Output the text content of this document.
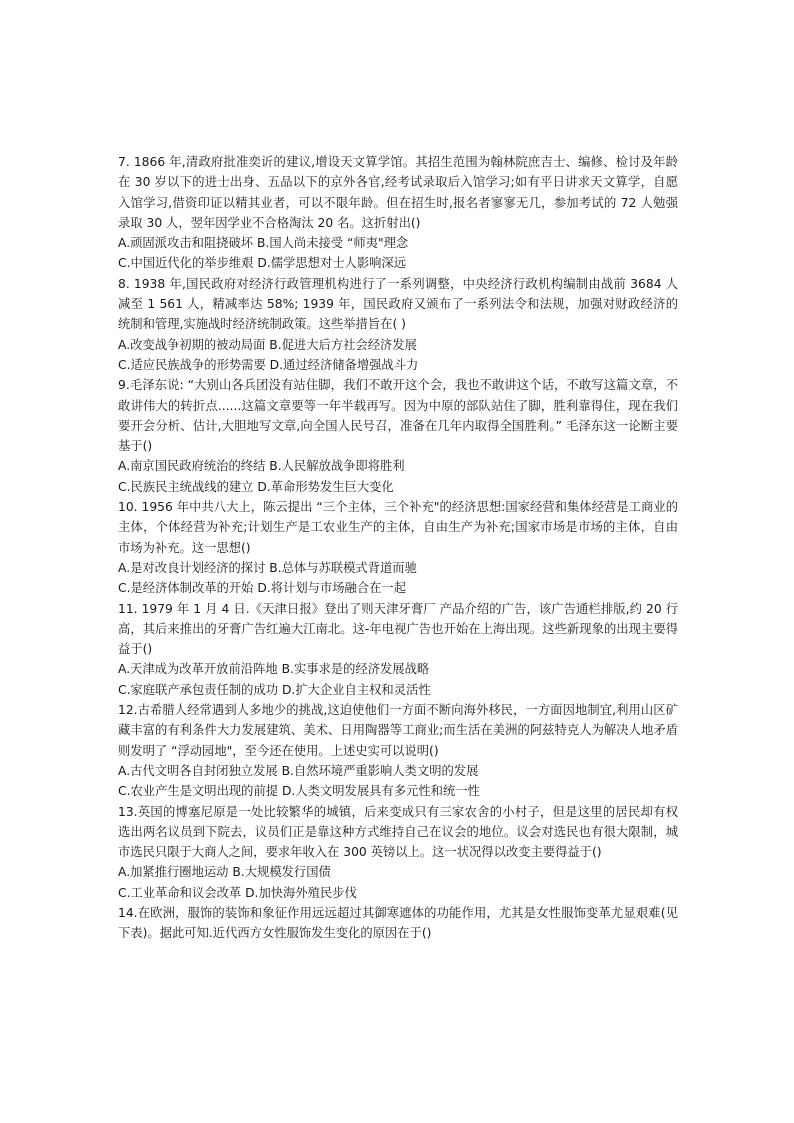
7. 1866 年,清政府批准奕䜣的建议,增设天文算学馆。其招生范围为翰林院庶吉士、编修、检讨及年龄在 30 岁以下的进士出身、五品以下的京外各官,经考试录取后入馆学习;如有平日讲求天文算学，自愿入馆学习,借资印证以精其业者，可以不限年龄。但在招生时,报名者寥寥无几，参加考试的 72 人勉强录取 30 人，翌年因学业不合格淘汰 20 名。这折射出()

A.顽固派攻击和阻挠破坏 B.国人尚未接受 “师夷"理念

C.中国近代化的举步维艰 D.儒学思想对士人影响深远

8. 1938 年,国民政府对经济行政管理机构进行了一系列调整，中央经济行政机构编制由战前 3684 人减至 1 561 人，精减率达 58%; 1939 年，国民政府又颁布了一系列法令和法规，加强对财政经济的统制和管理,实施战时经济统制政策。这些举措旨在( )

A.改变战争初期的被动局面 B.促进大后方社会经济发展

C.适应民族战争的形势需要 D.通过经济储备增强战斗力

9.毛泽东说: “大别山各兵团没有站住脚，我们不敢开这个会，我也不敢讲这个话，不敢写这篇文章，不敢讲伟大的转折点......这篇文章要等一年半载再写。因为中原的部队站住了脚，胜利靠得住，现在我们要开会分析、估计,大胆地写文章,向全国人民号召，准备在几年内取得全国胜利。” 毛泽东这一论断主要基于()

A.南京国民政府统治的终结 B.人民解放战争即将胜利

C.民族民主统战线的建立 D.革命形势发生巨大变化

10. 1956 年中共八大上，陈云提出 “三个主体，三个补充"的经济思想:国家经营和集体经营是工商业的主体，个体经营为补充;计划生产是工农业生产的主体，自由生产为补充;国家市场是市场的主体，自由市场为补充。这一思想()

A.是对改良计划经济的探讨 B.总体与苏联模式背道而驰

C.是经济体制改革的开始 D.将计划与市场融合在一起

11. 1979 年 1 月 4 日.《天津日报》登出了则天津牙膏厂 产品介绍的广告，该广告通栏排版,约 20 行高，其后来推出的牙膏广告红遍大江南北。这-年电视广告也开始在上海出现。这些新现象的出现主要得益于()

A.天津成为改革开放前沿阵地 B.实事求是的经济发展战略

C.家庭联产承包责任制的成功 D.扩大企业自主权和灵活性

12.古希腊人经常遇到人多地少的挑战,这迫使他们一方面不断向海外移民，一方面因地制宜,利用山区矿藏丰富的有利条件大力发展建筑、美术、日用陶器等工商业;而生活在美洲的阿兹特克人为解决人地矛盾则发明了 “浮动园地"，至今还在使用。上述史实可以说明()

A.古代文明各自封闭独立发展 B.自然环境严重影响人类文明的发展

C.农业产生是文明出现的前提 D.人类文明发展具有多元性和统一性

13.英国的博塞尼原是一处比较繁华的城镇，后来变成只有三家农舍的小村子，但是这里的居民却有权选出两名议员到下院去，议员们正是靠这种方式维持自己在议会的地位。议会对选民也有很大限制，城市选民只限于大商人之间，要求年收入在 300 英镑以上。这一状况得以改变主要得益于()

A.加紧推行圈地运动 B.大规模发行国债

C.工业革命和议会改革 D.加快海外殖民步伐

14.在欧洲，服饰的装饰和象征作用远远超过其御寒遮体的功能作用，尤其是女性服饰变革尤显艰难(见下表)。据此可知.近代西方女性服饰发生变化的原因在于()
